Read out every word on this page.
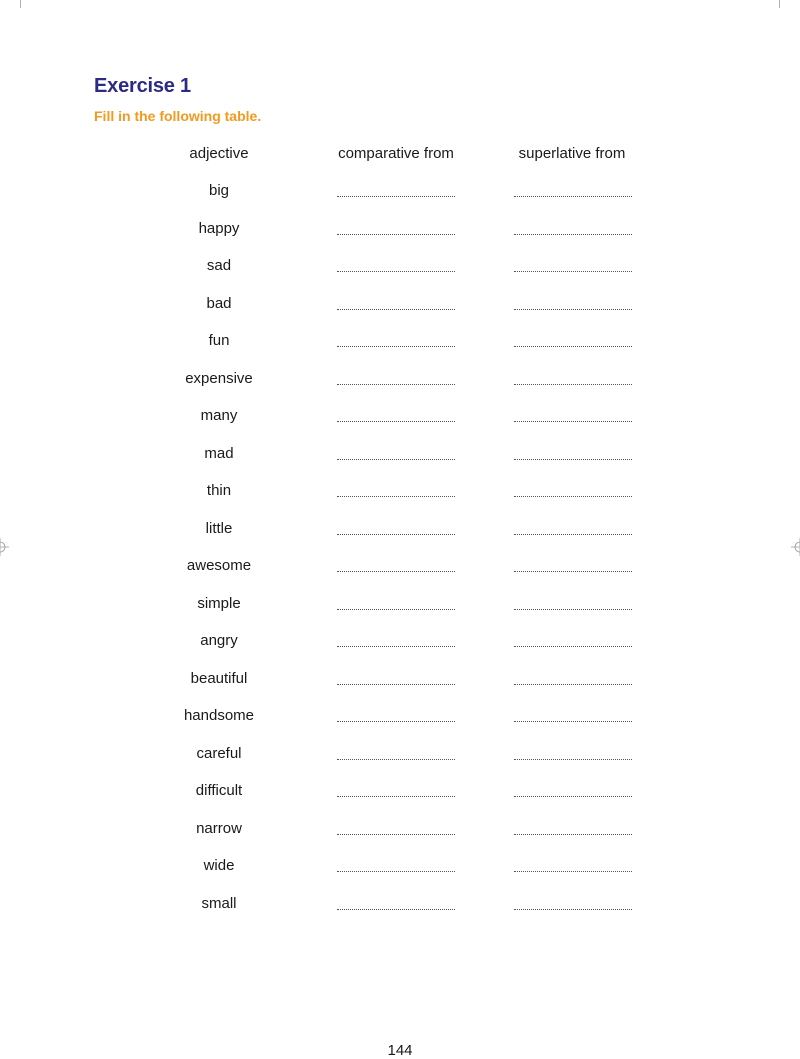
Exercise 1
Fill in the following table.
adjective	comparative from	superlative from
big
happy
sad
bad
fun
expensive
many
mad
thin
little
awesome
simple
angry
beautiful
handsome
careful
difficult
narrow
wide
small
144
